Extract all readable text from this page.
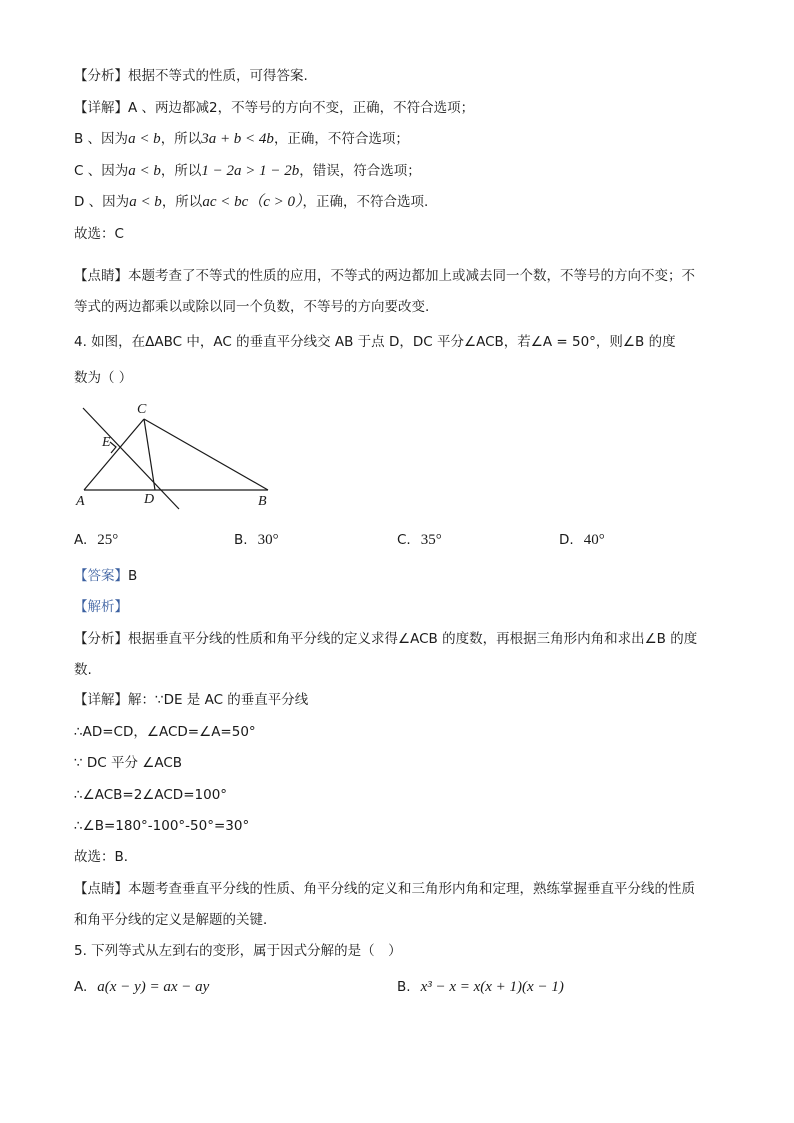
【分析】根据不等式的性质，可得答案.
【详解】A 、两边都减2，不等号的方向不变，正确，不符合选项；
B 、因为a < b，所以3a + b < 4b，正确，不符合选项；
C 、因为a < b，所以1 − 2a > 1 − 2b，错误，符合选项；
D 、因为a < b，所以ac < bc（c > 0），正确，不符合选项.
故选：C
【点睛】本题考查了不等式的性质的应用，不等式的两边都加上或减去同一个数，不等号的方向不变；不
等式的两边都乘以或除以同一个负数，不等号的方向要改变.
4. 如图，在ΔABC 中，AC 的垂直平分线交 AB 于点 D，DC 平分∠ACB，若∠A = 50°，则∠B 的度
数为（ ）
C
E
A	D	B
A. 25°	B. 30°	C. 35°	D. 40°
【答案】B
【解析】
【分析】根据垂直平分线的性质和角平分线的定义求得∠ACB 的度数，再根据三角形内角和求出∠B 的度
数.
【详解】解：∵DE 是 AC 的垂直平分线
∴AD=CD，∠ACD=∠A=50°
∵ DC 平分 ∠ACB
∴∠ACB=2∠ACD=100°
∴∠B=180°-100°-50°=30°
故选：B．
【点睛】本题考查垂直平分线的性质、角平分线的定义和三角形内角和定理，熟练掌握垂直平分线的性质
和角平分线的定义是解题的关键．
5. 下列等式从左到右的变形，属于因式分解的是（　）
A. a(x − y) = ax − ay	B. x³ − x = x(x + 1)(x − 1)
